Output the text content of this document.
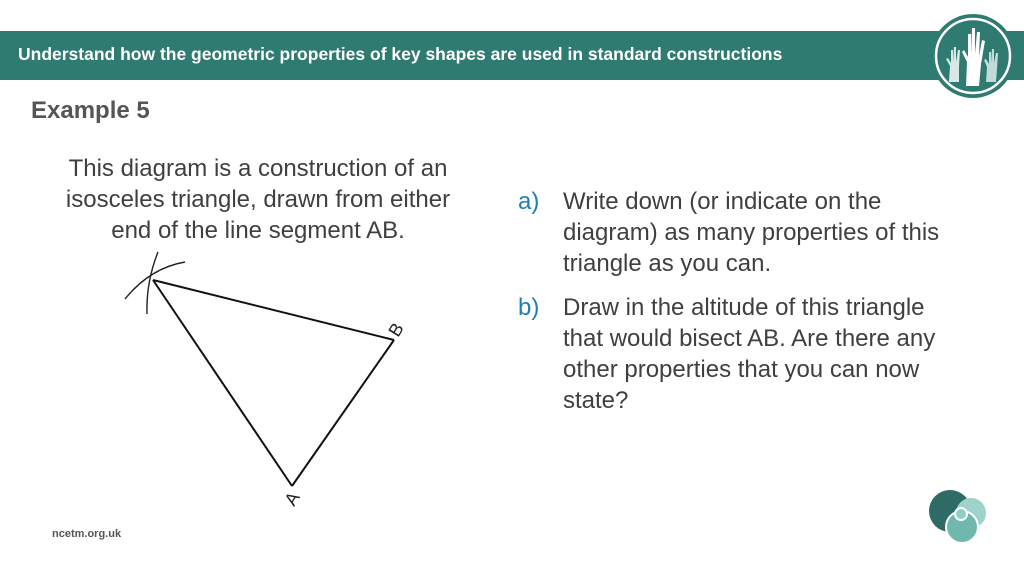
Understand how the geometric properties of key shapes are used in standard constructions
Example 5
This diagram is a construction of an
isosceles triangle, drawn from either
end of the line segment AB.
B
A
a) Write down (or indicate on the
diagram) as many properties of this
triangle as you can.
b) Draw in the altitude of this triangle
that would bisect AB. Are there any
other properties that you can now
state?
ncetm.org.uk
